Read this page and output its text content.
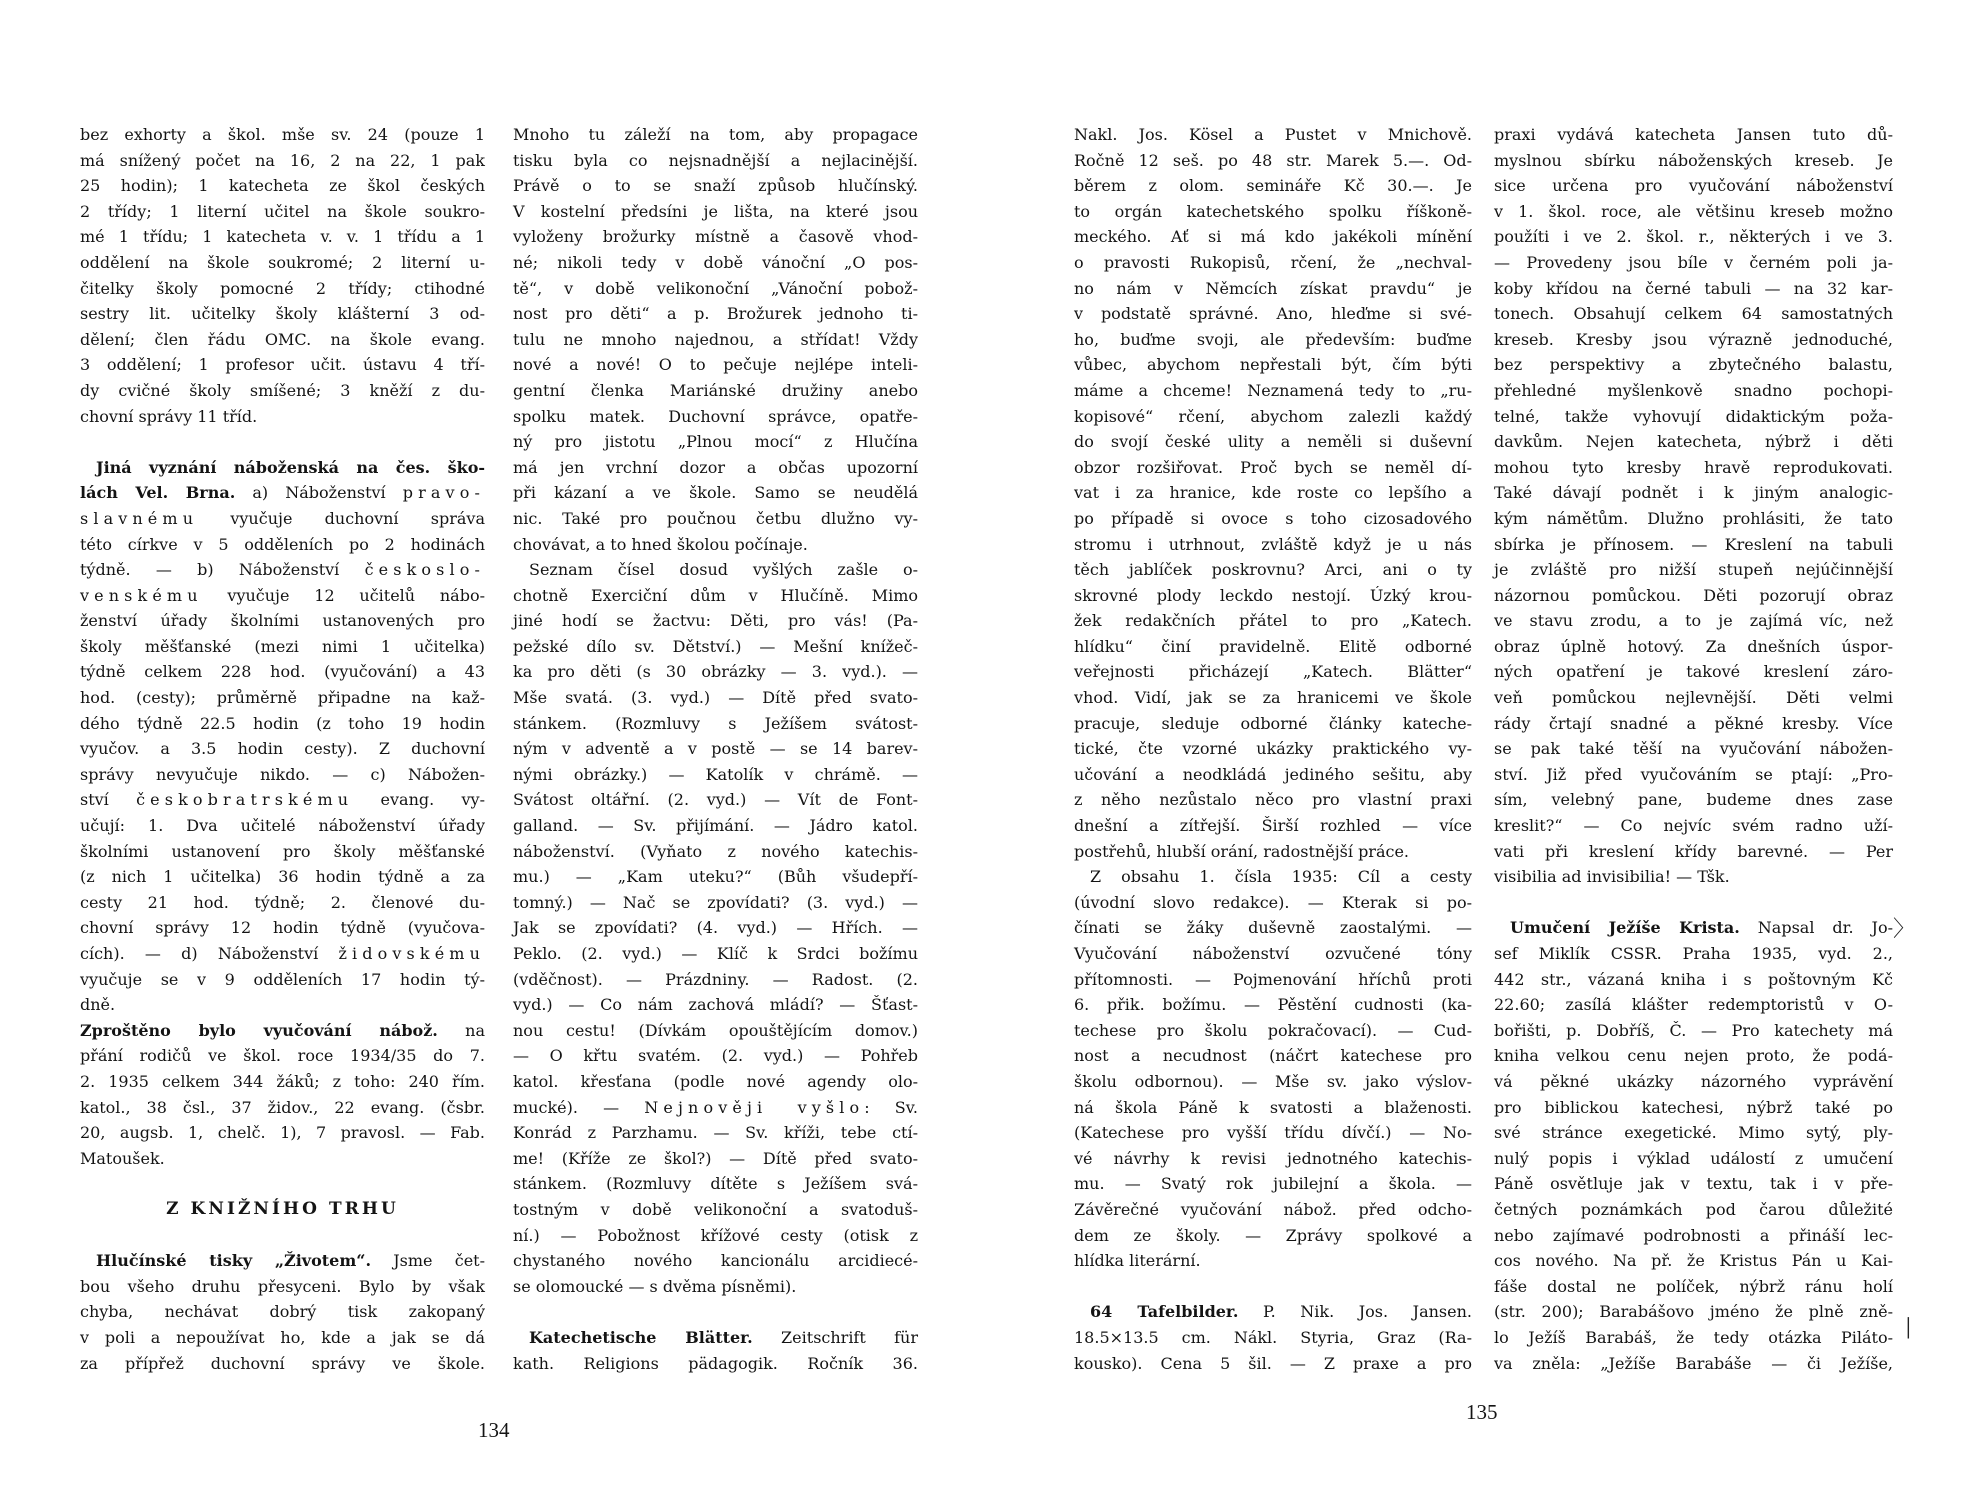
bez exhorty a škol. mše sv. 24 (pouze 1
má snížený počet na 16, 2 na 22, 1 pak
25 hodin); 1 katecheta ze škol českých
2 třídy; 1 literní učitel na škole soukro-
mé 1 třídu; 1 katecheta v. v. 1 třídu a 1
oddělení na škole soukromé; 2 literní u-
čitelky školy pomocné 2 třídy; ctihodné
sestry lit. učitelky školy klášterní 3 od-
dělení; člen řádu OMC. na škole evang.
3 oddělení; 1 profesor učit. ústavu 4 tří-
dy cvičné školy smíšené; 3 kněží z du-
chovní správy 11 tříd.
Jiná vyznání náboženská na čes. ško-
lách Vel. Brna. a) Náboženství pravo-
slavnému vyučuje duchovní správa
této církve v 5 odděleních po 2 hodinách
týdně. — b) Náboženství českoslo-
venskému vyučuje 12 učitelů nábo-
ženství úřady školními ustanovených pro
školy měšťanské (mezi nimi 1 učitelka)
týdně celkem 228 hod. (vyučování) a 43
hod. (cesty); průměrně připadne na kaž-
dého týdně 22.5 hodin (z toho 19 hodin
vyučov. a 3.5 hodin cesty). Z duchovní
správy nevyučuje nikdo. — c) Nábožen-
ství českobratrskému evang. vy-
učují: 1. Dva učitelé náboženství úřady
školními ustanovení pro školy měšťanské
(z nich 1 učitelka) 36 hodin týdně a za
cesty 21 hod. týdně; 2. členové du-
chovní správy 12 hodin týdně (vyučova-
cích). — d) Náboženství židovskému
vyučuje se v 9 odděleních 17 hodin tý-
dně.
Zproštěno bylo vyučování nábož. na
přání rodičů ve škol. roce 1934/35 do 7.
2. 1935 celkem 344 žáků; z toho: 240 řím.
katol., 38 čsl., 37 židov., 22 evang. (čsbr.
20, augsb. 1, chelč. 1), 7 pravosl. — Fab.
Matoušek.
Z KNIŽNÍHO TRHU
Hlučínské tisky „Životem“. Jsme čet-
bou všeho druhu přesyceni. Bylo by však
chyba, nechávat dobrý tisk zakopaný
v poli a nepoužívat ho, kde a jak se dá
za přípřež duchovní správy ve škole.
Mnoho tu záleží na tom, aby propagace
tisku byla co nejsnadnější a nejlacinější.
Právě o to se snaží způsob hlučínský.
V kostelní předsíni je lišta, na které jsou
vyloženy brožurky místně a časově vhod-
né; nikoli tedy v době vánoční „O pos-
tě“, v době velikonoční „Vánoční pobož-
nost pro děti“ a p. Brožurek jednoho ti-
tulu ne mnoho najednou, a střídat! Vždy
nové a nové! O to pečuje nejlépe inteli-
gentní členka Mariánské družiny anebo
spolku matek. Duchovní správce, opatře-
ný pro jistotu „Plnou mocí“ z Hlučína
má jen vrchní dozor a občas upozorní
při kázaní a ve škole. Samo se neudělá
nic. Také pro poučnou četbu dlužno vy-
chovávat, a to hned školou počínaje.
Seznam čísel dosud vyšlých zašle o-
chotně Exerciční dům v Hlučíně. Mimo
jiné hodí se žactvu: Děti, pro vás! (Pa-
pežské dílo sv. Dětství.) — Mešní knížeč-
ka pro děti (s 30 obrázky — 3. vyd.). —
Mše svatá. (3. vyd.) — Dítě před svato-
stánkem. (Rozmluvy s Ježíšem svátost-
ným v adventě a v postě — se 14 barev-
nými obrázky.) — Katolík v chrámě. —
Svátost oltářní. (2. vyd.) — Vít de Font-
galland. — Sv. přijímání. — Jádro katol.
náboženství. (Vyňato z nového katechis-
mu.) — „Kam uteku?“ (Bůh všudepří-
tomný.) — Nač se zpovídati? (3. vyd.) —
Jak se zpovídati? (4. vyd.) — Hřích. —
Peklo. (2. vyd.) — Klíč k Srdci božímu
(vděčnost). — Prázdniny. — Radost. (2.
vyd.) — Co nám zachová mládí? — Šťast-
nou cestu! (Dívkám opouštějícím domov.)
— O křtu svatém. (2. vyd.) — Pohřeb
katol. křesťana (podle nové agendy olo-
mucké). — Nejnověji vyšlo: Sv.
Konrád z Parzhamu. — Sv. kříži, tebe ctí-
me! (Kříže ze škol?) — Dítě před svato-
stánkem. (Rozmluvy dítěte s Ježíšem svá-
tostným v době velikonoční a svatoduš-
ní.) — Pobožnost křížové cesty (otisk z
chystaného nového kancionálu arcidiecé-
se olomoucké — s dvěma písněmi).
Katechetische Blätter. Zeitschrift für
kath. Religions pädagogik. Ročník 36.
Nakl. Jos. Kösel a Pustet v Mnichově.
Ročně 12 seš. po 48 str. Marek 5.—. Od-
běrem z olom. semináře Kč 30.—. Je
to orgán katechetského spolku říškoně-
meckého. Ať si má kdo jakékoli mínění
o pravosti Rukopisů, rčení, že „nechval-
no nám v Němcích získat pravdu“ je
v podstatě správné. Ano, hleďme si své-
ho, buďme svoji, ale především: buďme
vůbec, abychom nepřestali být, čím býti
máme a chceme! Neznamená tedy to „ru-
kopisové“ rčení, abychom zalezli každý
do svojí české ulity a neměli si duševní
obzor rozšiřovat. Proč bych se neměl dí-
vat i za hranice, kde roste co lepšího a
po případě si ovoce s toho cizosadového
stromu i utrhnout, zvláště když je u nás
těch jablíček poskrovnu? Arci, ani o ty
skrovné plody leckdo nestojí. Úzký krou-
žek redakčních přátel to pro „Katech.
hlídku“ činí pravidelně. Elitě odborné
veřejnosti přicházejí „Katech. Blätter“
vhod. Vidí, jak se za hranicemi ve škole
pracuje, sleduje odborné články kateche-
tické, čte vzorné ukázky praktického vy-
učování a neodkládá jediného sešitu, aby
z něho nezůstalo něco pro vlastní praxi
dnešní a zítřejší. Širší rozhled — více
postřehů, hlubší orání, radostnější práce.
Z obsahu 1. čísla 1935: Cíl a cesty
(úvodní slovo redakce). — Kterak si po-
čínati se žáky duševně zaostalými. —
Vyučování náboženství ozvučené tóny
přítomnosti. — Pojmenování hříchů proti
6. přik. božímu. — Pěstění cudnosti (ka-
techese pro školu pokračovací). — Cud-
nost a necudnost (náčrt katechese pro
školu odbornou). — Mše sv. jako výslov-
ná škola Páně k svatosti a blaženosti.
(Katechese pro vyšší třídu dívčí.) — No-
vé návrhy k revisi jednotného katechis-
mu. — Svatý rok jubilejní a škola. —
Závěrečné vyučování nábož. před odcho-
dem ze školy. — Zprávy spolkové a
hlídka literární.
64 Tafelbilder. P. Nik. Jos. Jansen.
18.5×13.5 cm. Nákl. Styria, Graz (Ra-
kousko). Cena 5 šil. — Z praxe a pro
praxi vydává katecheta Jansen tuto dů-
myslnou sbírku náboženských kreseb. Je
sice určena pro vyučování náboženství
v 1. škol. roce, ale většinu kreseb možno
použíti i ve 2. škol. r., některých i ve 3.
— Provedeny jsou bíle v černém poli ja-
koby křídou na černé tabuli — na 32 kar-
tonech. Obsahují celkem 64 samostatných
kreseb. Kresby jsou výrazně jednoduché,
bez perspektivy a zbytečného balastu,
přehledné myšlenkově snadno pochopi-
telné, takže vyhovují didaktickým poža-
davkům. Nejen katecheta, nýbrž i děti
mohou tyto kresby hravě reprodukovati.
Také dávají podnět i k jiným analogic-
kým námětům. Dlužno prohlásiti, že tato
sbírka je přínosem. — Kreslení na tabuli
je zvláště pro nižší stupeň nejúčinnější
názornou pomůckou. Děti pozorují obraz
ve stavu zrodu, a to je zajímá víc, než
obraz úplně hotový. Za dnešních úspor-
ných opatření je takové kreslení záro-
veň pomůckou nejlevnější. Děti velmi
rády črtají snadné a pěkné kresby. Více
se pak také těší na vyučování nábožen-
ství. Již před vyučováním se ptají: „Pro-
sím, velebný pane, budeme dnes zase
kreslit?“ — Co nejvíc svém radno uží-
vati při kreslení křídy barevné. — Per
visibilia ad invisibilia! — Tšk.
Umučení Ježíše Krista. Napsal dr. Jo-
sef Miklík CSSR. Praha 1935, vyd. 2.,
442 str., vázaná kniha i s poštovným Kč
22.60; zasílá klášter redemptoristů v O-
bořišti, p. Dobříš, Č. — Pro katechety má
kniha velkou cenu nejen proto, že podá-
vá pěkné ukázky názorného vyprávění
pro biblickou katechesi, nýbrž také po
své stránce exegetické. Mimo sytý, ply-
nulý popis i výklad událostí z umučení
Páně osvětluje jak v textu, tak i v pře-
četných poznámkách pod čarou důležité
nebo zajímavé podrobnosti a přináší lec-
cos nového. Na př. že Kristus Pán u Kai-
fáše dostal ne políček, nýbrž ránu holí
(str. 200); Barabášovo jméno že plně zně-
lo Ježíš Barabáš, že tedy otázka Piláto-
va zněla: „Ježíše Barabáše — či Ježíše,
134
135
〉
│
